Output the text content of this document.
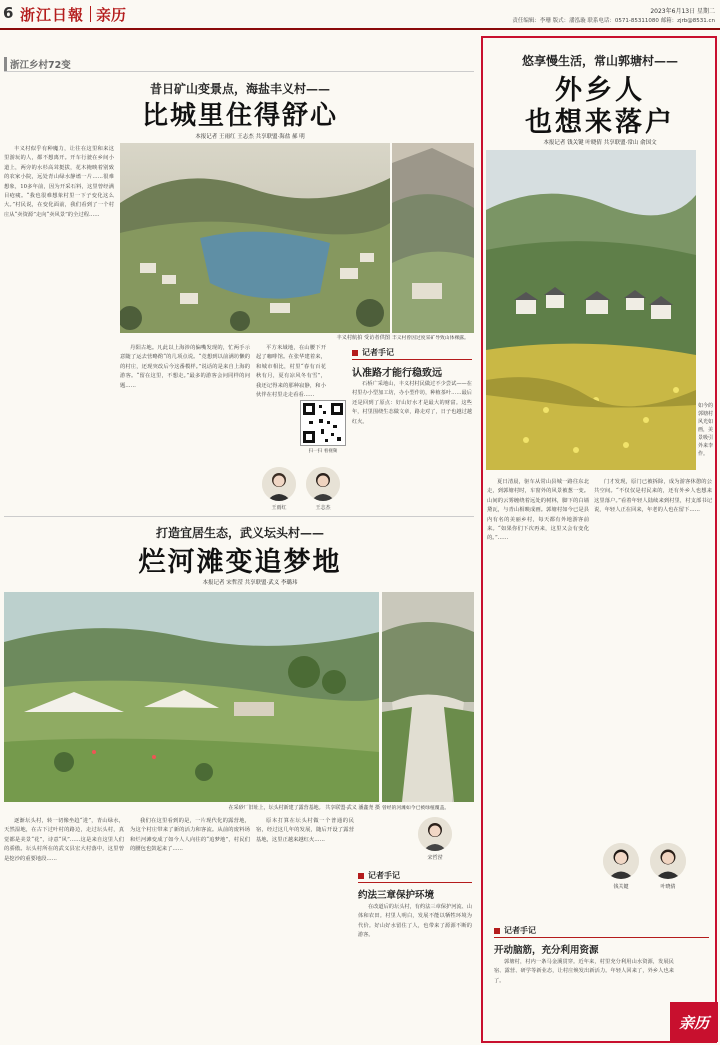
6 浙江日報 亲历	2023年6月13日 星期二
责任编辑：李珊 版式：潘泓璇 联系电话：0571-85311080 邮箱：zjrb@8531.cn
浙江乡村72变
昔日矿山变景点，海盐丰义村——
比城里住得舒心
本报记者 王雨红 王志杰 共享联盟·海盐 郝 明
丰义村似乎有种魔力，让往在这里和来这里游玩的人，都不想离开。开车行驶在乡间小道上，两旁的水杉高耸挺拔，花木掩映着别致的农家小院，远处青山绿水静谧一片……很难想象，10多年前，因为开采石料，这里曾经满目疮痍。“我也很难想象村里一下子变化这么大。”村民说，在变化面前，我们看到了一个村庄从“卖资源”走向“卖风景”的全过程……
丰义村航拍 受访者供图 丰义村曾因过度采矿导致山体裸露。
丹阳古地。凡此以上海涉的偏嘴发现的，忙两手示意随了运去营略酌“的几项点说。“竞想到以前满坊懒的的村庄，还现突改后今这番模样。”说话的是来自上海的游客。“留在这里，不想走。”最多的游客会问同样的问题……
平方米域地，在山腰下开起了咖啡馆。在张华建着来，和城市相比，村里“春有百花秋有月，夏有凉风冬有雪”，我还记得来的那种寂静，和小伙伴在村里走走看看……
扫一扫 看视频
王雨红	王志杰
记者手记
认准路才能行稳致远
石桥广采地山，丰义村村民做过不少尝试——在村里办小型加工坊，办小型作坊，种植茶叶……最后还是回到了原点：好山好水才是最大的财富。这些年，村里围绕生态做文章，路走对了，日子也越过越红火。
打造宜居生态，武义坛头村——
烂河滩变追梦地
本报记者 宋哲滢 共享联盟·武义 李璐玮
在采砂厂旧址上，坛头村新建了露营基地。 共享联盟·武义 潘鑫尧 摄 曾经的河滩如今已被绿植覆盖。
逐渐坛头村，转一切像坐趋“进”，青山绿水，天然湿地，在古下过叶村的路边，走过坛头村，真觉都是美景“花”，诗意“风”……这是来自这里人们的骄傲。坛头村所在的武义县宏大村落中，这里曾是挖沙的重要地段……
我们在这里看到的是，一片现代化的露营地，为这个村庄带来了新的活力和客流。从前的废料场和烂河滩变成了如今人人向往的“追梦地”，村民们的腰包也鼓起来了……
原本打算在坛头村做一个普通的民宿，经过这几年的发展，随后开设了露营基地，这里正越来越红火……
宋哲滢
记者手记
约法三章保护环境
在改道后的坛头村，有约法三章保护河流、山体和农田。村里人明白，发展不能以牺牲环境为代价。好山好水留住了人，也带来了源源不断的游客。
悠享慢生活，常山郭塘村——
外乡人
也想来落户
本报记者 钱关键 叶晓倩 共享联盟·常山 俞国文
如今的郭塘村风光如画，美景吸引外来李作。
夏日清晨，驱车从常山县城一路往东北走，到郭塘村时，车窗外的风景被葱一变。山间的云雾缠绕着远处的树林，脚下的白墙黛瓦，与青山相映成画。郭塘村如今已是县内有名的美丽乡村，每天都有外地游客前来。“如果你们下次再来，这里又会有变化的。”……
门才发现，原门已被拆除，成为游客休憩的公共空间。“不仅仅是村民来的，还有外乡人也想来这里落户。”看着年轻人陆续来到村里，村支部书记说，年轻人正在回来，年老的人也在留下……
钱关键	叶晓倩
记者手记
开动脑筋，充分利用资源
郭塘村，村内一条马金溪贯穿。近年来，村里充分利用山水资源，发展民宿、露营、研学等新业态，让村庄焕发出新活力。年轻人回来了，外乡人也来了。
亲历
